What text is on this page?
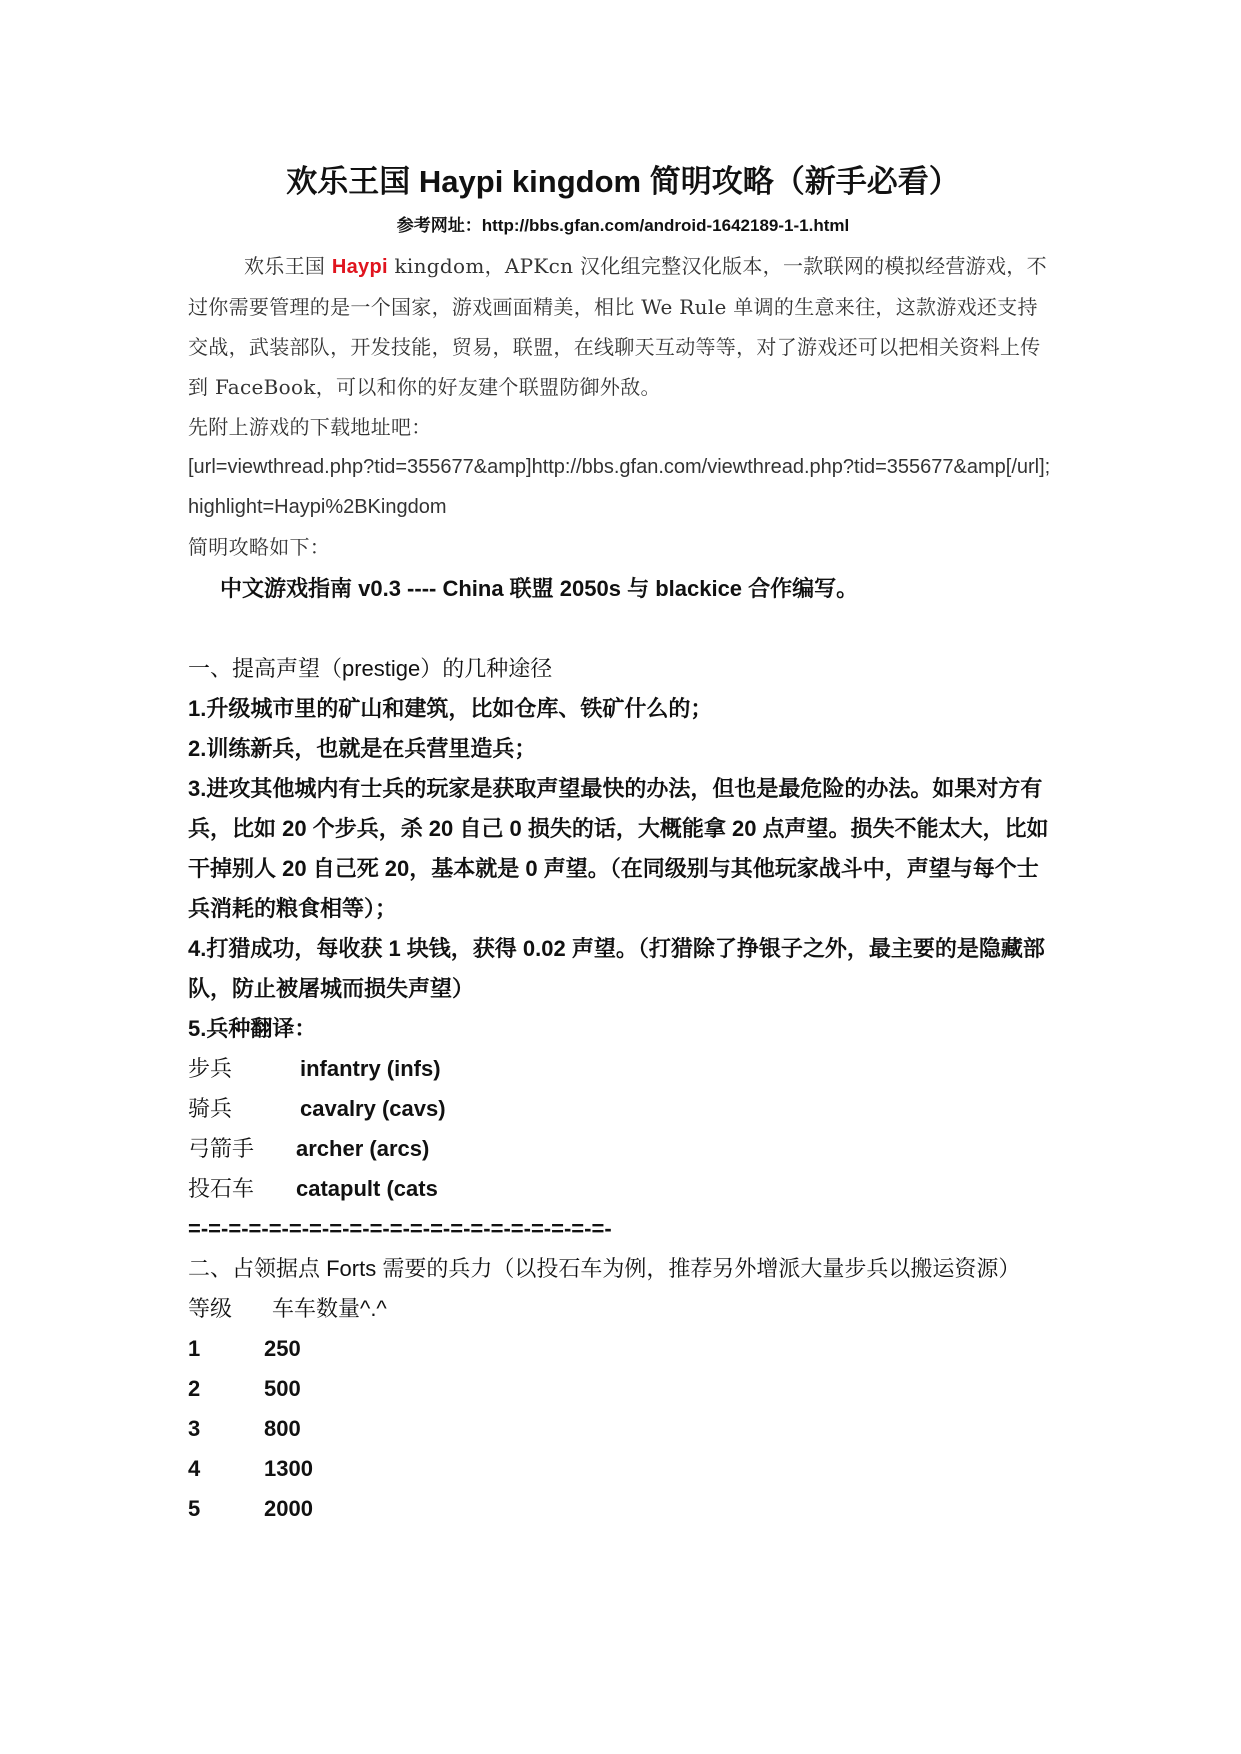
欢乐王国 Haypi kingdom 简明攻略（新手必看）

参考网址：http://bbs.gfan.com/android-1642189-1-1.html

欢乐王国 Haypi kingdom，APKcn 汉化组完整汉化版本，一款联网的模拟经营游戏，不过你需要管理的是一个国家，游戏画面精美，相比 We Rule 单调的生意来往，这款游戏还支持交战，武装部队，开发技能，贸易，联盟，在线聊天互动等等，对了游戏还可以把相关资料上传到 FaceBook，可以和你的好友建个联盟防御外敌。

先附上游戏的下载地址吧：

[url=viewthread.php?tid=355677&amp]http://bbs.gfan.com/viewthread.php?tid=355677&amp[/url];highlight=Haypi%2BKingdom

简明攻略如下：

中文游戏指南 v0.3 ---- China 联盟 2050s 与 blackice 合作编写。

一、提高声望（prestige）的几种途径

1.升级城市里的矿山和建筑，比如仓库、铁矿什么的；

2.训练新兵，也就是在兵营里造兵；

3.进攻其他城内有士兵的玩家是获取声望最快的办法，但也是最危险的办法。如果对方有兵，比如 20 个步兵，杀 20 自己 0 损失的话，大概能拿 20 点声望。损失不能太大，比如干掉别人 20 自己死 20，基本就是 0 声望。（在同级别与其他玩家战斗中，声望与每个士兵消耗的粮食相等）；

4.打猎成功，每收获 1 块钱，获得 0.02 声望。（打猎除了挣银子之外，最主要的是隐藏部队，防止被屠城而损失声望）

5.兵种翻译：

步兵	infantry (infs)
骑兵	cavalry (cavs)
弓箭手	archer (arcs)
投石车	catapult (cats

=-=-=-=-=-=-=-=-=-=-=-=-=-=-=-=-=-=-=-=-=-

二、占领据点 Forts 需要的兵力（以投石车为例，推荐另外增派大量步兵以搬运资源）

等级	车车数量^.^
1	250
2	500
3	800
4	1300
5	2000
